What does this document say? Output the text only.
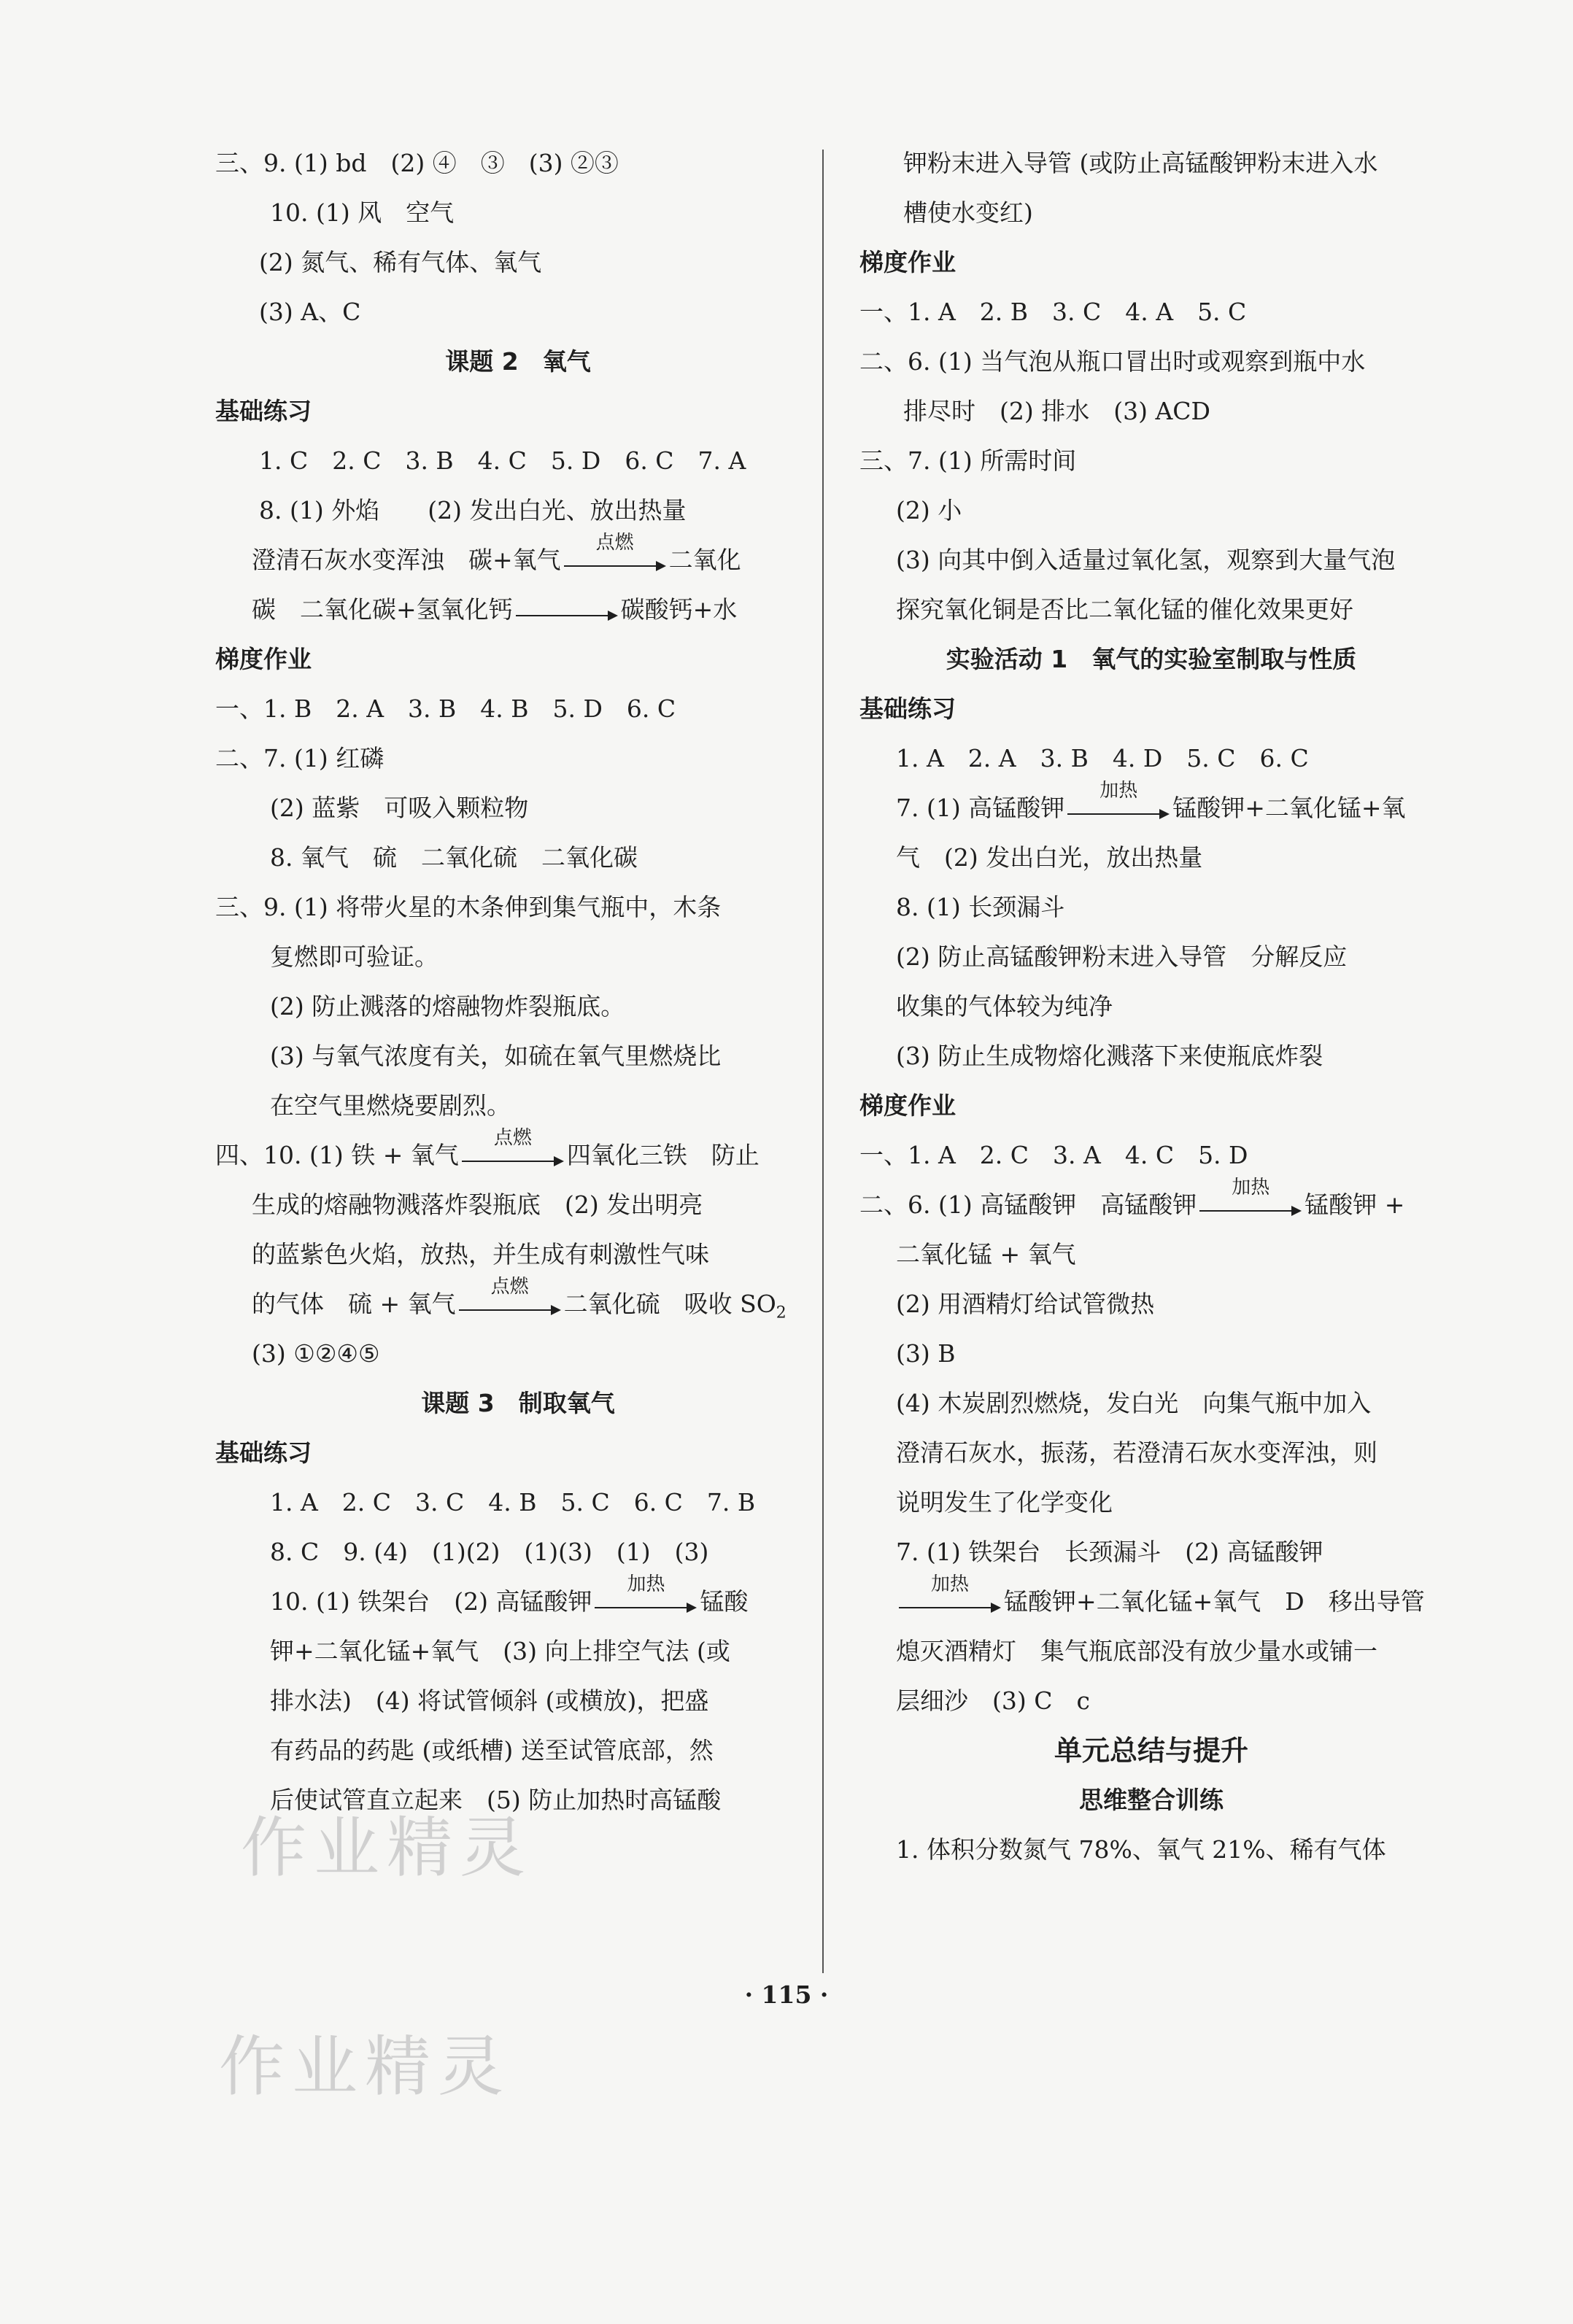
三、9. (1) bd　(2) ④　③　(3) ②③
10. (1) 风　空气
(2) 氮气、稀有气体、氧气
(3) A、C
课题 2　氧气
基础练习
1. C　2. C　3. B　4. C　5. D　6. C　7. A
8. (1) 外焰　　(2) 发出白光、放出热量
澄清石灰水变浑浊　碳+氧气
点燃
二氧化
碳　二氧化碳+氢氧化钙	碳酸钙+水
梯度作业
一、1. B　2. A　3. B　4. B　5. D　6. C
二、7. (1) 红磷
(2) 蓝紫　可吸入颗粒物
8. 氧气　硫　二氧化硫　二氧化碳
三、9. (1) 将带火星的木条伸到集气瓶中，木条
复燃即可验证。
(2) 防止溅落的熔融物炸裂瓶底。
(3) 与氧气浓度有关，如硫在氧气里燃烧比
在空气里燃烧要剧烈。
四、10. (1) 铁 + 氧气
点燃
四氧化三铁　防止
生成的熔融物溅落炸裂瓶底　(2) 发出明亮
的蓝紫色火焰，放热，并生成有刺激性气味
的气体　硫 + 氧气
点燃
二氧化硫　吸收 $SO_2$
(3) ①②④⑤
课题 3　制取氧气
基础练习
1. A　2. C　3. C　4. B　5. C　6. C　7. B
8. C　9. (4)　(1)(2)　(1)(3)　(1)　(3)
10. (1) 铁架台　(2) 高锰酸钾
加热
锰酸
钾+二氧化锰+氧气　(3) 向上排空气法 (或
排水法)　(4) 将试管倾斜 (或横放)，把盛
有药品的药匙 (或纸槽) 送至试管底部，然
后使试管直立起来　(5) 防止加热时高锰酸
钾粉末进入导管 (或防止高锰酸钾粉末进入水
槽使水变红)
梯度作业
一、1. A　2. B　3. C　4. A　5. C
二、6. (1) 当气泡从瓶口冒出时或观察到瓶中水
排尽时　(2) 排水　(3) ACD
三、7. (1) 所需时间
(2) 小
(3) 向其中倒入适量过氧化氢，观察到大量气泡
探究氧化铜是否比二氧化锰的催化效果更好
实验活动 1　氧气的实验室制取与性质
基础练习
1. A　2. A　3. B　4. D　5. C　6. C
7. (1) 高锰酸钾
加热
锰酸钾+二氧化锰+氧
气　(2) 发出白光，放出热量
8. (1) 长颈漏斗
(2) 防止高锰酸钾粉末进入导管　分解反应
收集的气体较为纯净
(3) 防止生成物熔化溅落下来使瓶底炸裂
梯度作业
一、1. A　2. C　3. A　4. C　5. D
二、6. (1) 高锰酸钾　高锰酸钾
加热
锰酸钾 +
二氧化锰 + 氧气
(2) 用酒精灯给试管微热
(3) B
(4) 木炭剧烈燃烧，发白光　向集气瓶中加入
澄清石灰水，振荡，若澄清石灰水变浑浊，则
说明发生了化学变化
7. (1) 铁架台　长颈漏斗　(2) 高锰酸钾
加热
锰酸钾+二氧化锰+氧气　D　移出导管
熄灭酒精灯　集气瓶底部没有放少量水或铺一
层细沙　(3) C　c
单元总结与提升
思维整合训练
1. 体积分数氮气 78%、氧气 21%、稀有气体
· 115 ·
作业精灵
作业精灵
